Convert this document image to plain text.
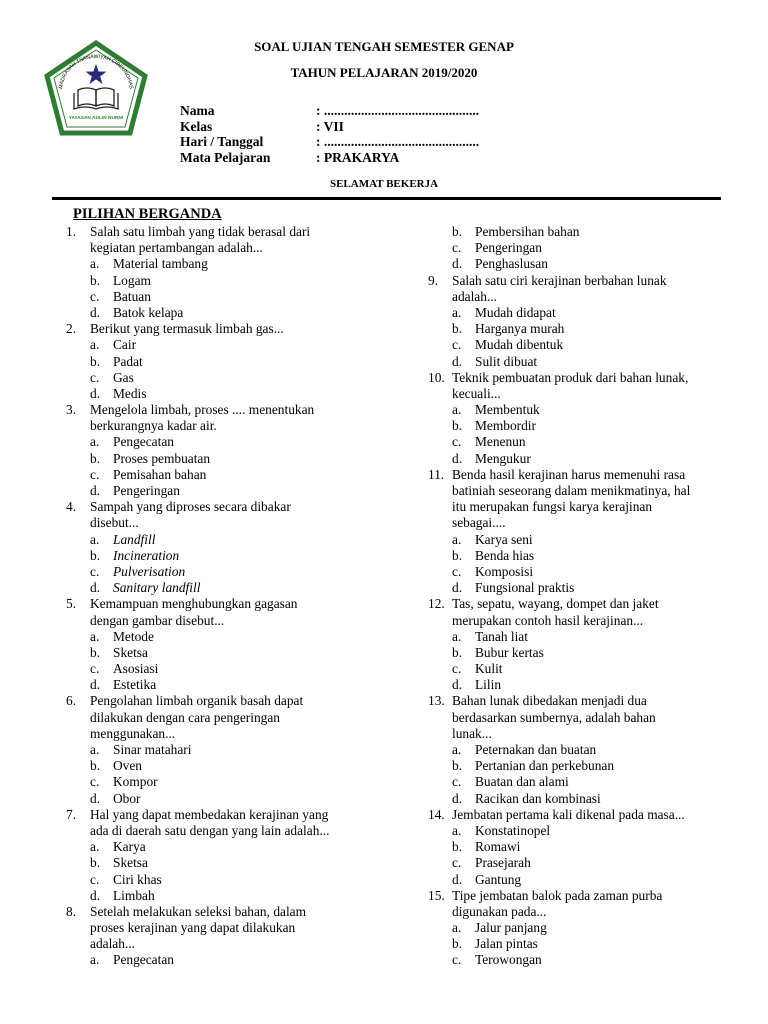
MADRASAH TSANAWIYAH CIREUNGHAS
YAYASAN ADLIN NURNI
SOAL UJIAN TENGAH SEMESTER GENAP
TAHUN PELAJARAN 2019/2020
Nama	: ..............................................
Kelas	: VII
Hari / Tanggal	: ..............................................
Mata Pelajaran	: PRAKARYA
SELAMAT BEKERJA
PILIHAN BERGANDA
1. Salah satu limbah yang tidak berasal dari
kegiatan pertambangan adalah...
a. Material tambang
b. Logam
c. Batuan
d. Batok kelapa
2. Berikut yang termasuk limbah gas...
a. Cair
b. Padat
c. Gas
d. Medis
3. Mengelola limbah, proses .... menentukan
berkurangnya kadar air.
a. Pengecatan
b. Proses pembuatan
c. Pemisahan bahan
d. Pengeringan
4. Sampah yang diproses secara dibakar
disebut...
a. Landfill
b. Incineration
c. Pulverisation
d. Sanitary landfill
5. Kemampuan menghubungkan gagasan
dengan gambar disebut...
a. Metode
b. Sketsa
c. Asosiasi
d. Estetika
6. Pengolahan limbah organik basah dapat
dilakukan dengan cara pengeringan
menggunakan...
a. Sinar matahari
b. Oven
c. Kompor
d. Obor
7. Hal yang dapat membedakan kerajinan yang
ada di daerah satu dengan yang lain adalah...
a. Karya
b. Sketsa
c. Ciri khas
d. Limbah
8. Setelah melakukan seleksi bahan, dalam
proses kerajinan yang dapat dilakukan
adalah...
a. Pengecatan
b. Pembersihan bahan
c. Pengeringan
d. Penghaslusan
9. Salah satu ciri kerajinan berbahan lunak
adalah...
a. Mudah didapat
b. Harganya murah
c. Mudah dibentuk
d. Sulit dibuat
10. Teknik pembuatan produk dari bahan lunak,
kecuali...
a. Membentuk
b. Membordir
c. Menenun
d. Mengukur
11. Benda hasil kerajinan harus memenuhi rasa
batiniah seseorang dalam menikmatinya, hal
itu merupakan fungsi karya kerajinan
sebagai....
a. Karya seni
b. Benda hias
c. Komposisi
d. Fungsional praktis
12. Tas, sepatu, wayang, dompet dan jaket
merupakan contoh hasil kerajinan...
a. Tanah liat
b. Bubur kertas
c. Kulit
d. Lilin
13. Bahan lunak dibedakan menjadi dua
berdasarkan sumbernya, adalah bahan
lunak...
a. Peternakan dan buatan
b. Pertanian dan perkebunan
c. Buatan dan alami
d. Racikan dan kombinasi
14. Jembatan pertama kali dikenal pada masa...
a. Konstatinopel
b. Romawi
c. Prasejarah
d. Gantung
15. Tipe jembatan balok pada zaman purba
digunakan pada...
a. Jalur panjang
b. Jalan pintas
c. Terowongan
